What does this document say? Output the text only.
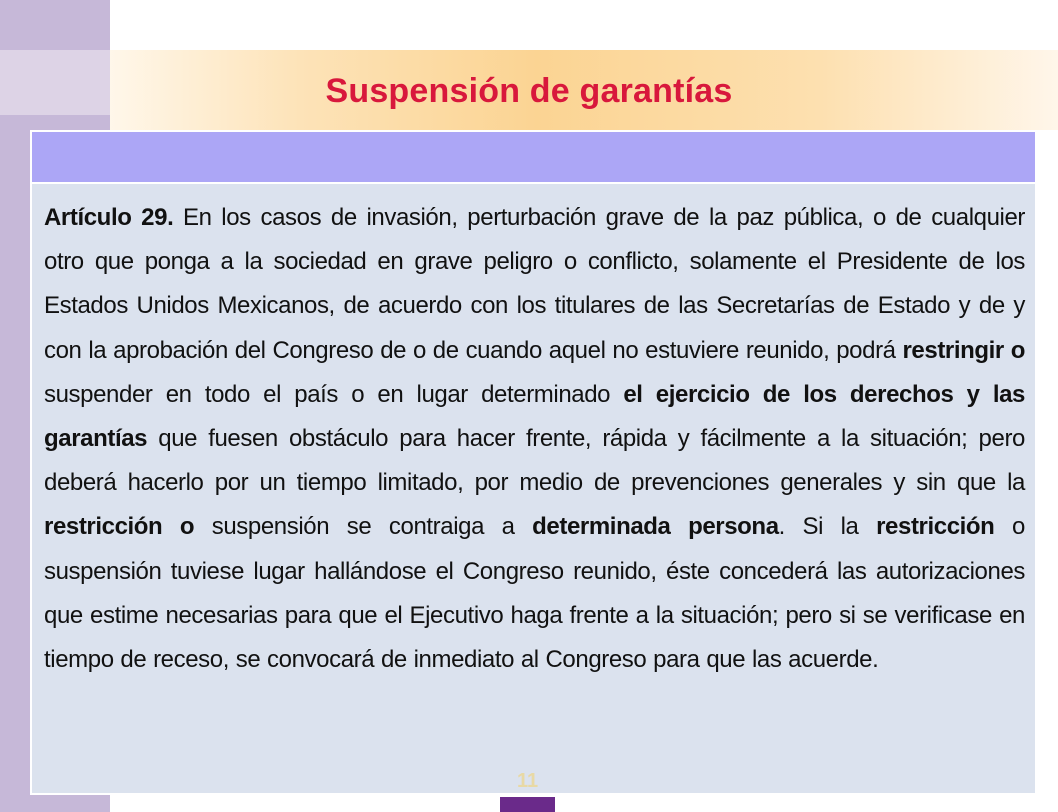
Suspensión de garantías
Artículo 29. En los casos de invasión, perturbación grave de la paz pública, o de cualquier otro que ponga a la sociedad en grave peligro o conflicto, solamente el Presidente de los Estados Unidos Mexicanos, de acuerdo con los titulares de las Secretarías de Estado y de y con la aprobación del Congreso de o de cuando aquel no estuviere reunido, podrá restringir o suspender en todo el país o en lugar determinado el ejercicio de los derechos y las garantías que fuesen obstáculo para hacer frente, rápida y fácilmente a la situación; pero deberá hacerlo por un tiempo limitado, por medio de prevenciones generales y sin que la restricción o suspensión se contraiga a determinada persona. Si la restricción o suspensión tuviese lugar hallándose el Congreso reunido, éste concederá las autorizaciones que estime necesarias para que el Ejecutivo haga frente a la situación; pero si se verificase en tiempo de receso, se convocará de inmediato al Congreso para que las acuerde.
11
